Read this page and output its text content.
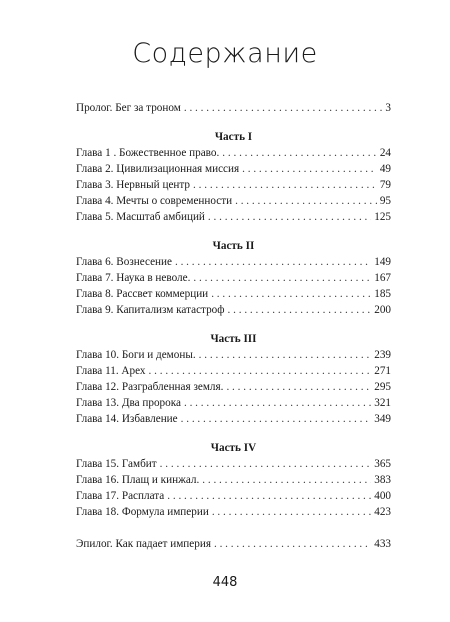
Содержание
Пролог. Бег за троном . . .	3
Часть I
Глава 1 . Божественное право. . . .	24
Глава 2. Цивилизационная миссия . . .	49
Глава 3. Нервный центр . . .	79
Глава 4. Мечты о современности . . .	95
Глава 5. Масштаб амбиций . . .	125
Часть II
Глава 6. Вознесение . . .	149
Глава 7. Наука в неволе. . . .	167
Глава 8. Рассвет коммерции . . .	185
Глава 9. Капитализм катастроф . . .	200
Часть III
Глава 10. Боги и демоны. . . .	239
Глава 11. Арех . . .	271
Глава 12. Разграбленная земля. . . .	295
Глава 13. Два пророка . . .	321
Глава 14. Избавление . . .	349
Часть IV
Глава 15. Гамбит . . .	365
Глава 16. Плащ и кинжал. . . .	383
Глава 17. Расплата . . .	400
Глава 18. Формула империи . . .	423
Эпилог. Как падает империя . . .	433
448
